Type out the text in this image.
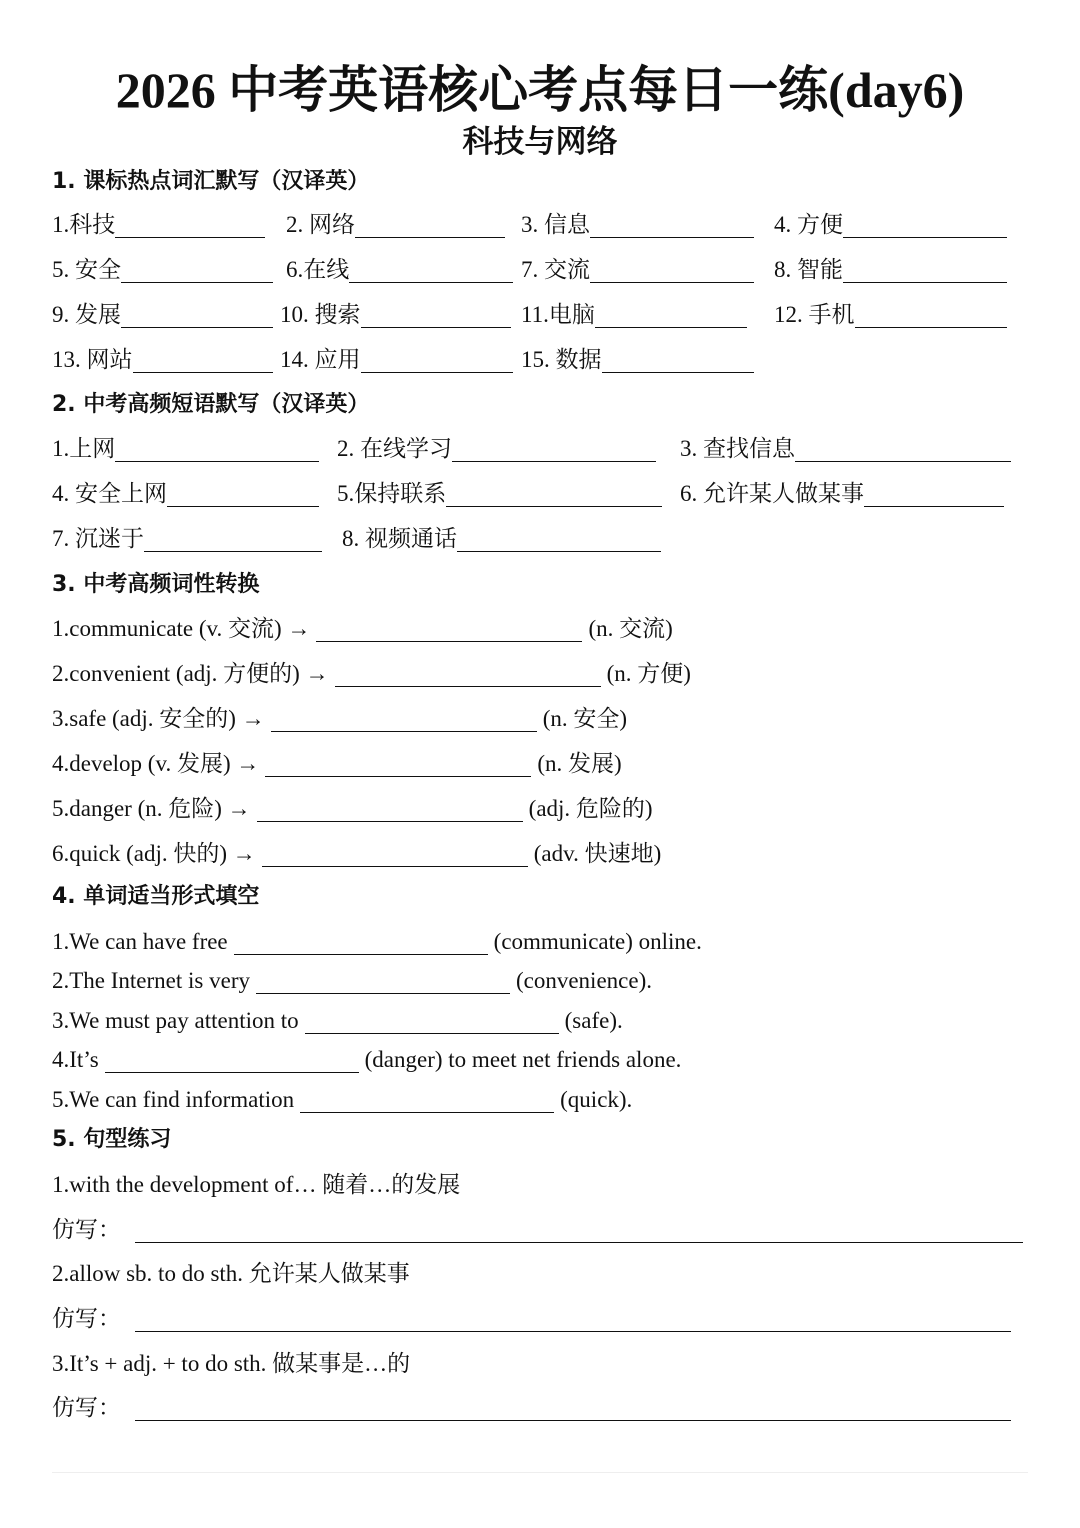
2026 中考英语核心考点每日一练(day6)
科技与网络
1. 课标热点词汇默写（汉译英）
1.科技	2. 网络	3. 信息	4. 方便
5. 安全	6.在线	7. 交流	8. 智能
9. 发展	10. 搜索	11.电脑	12. 手机
13. 网站	14. 应用	15. 数据
2. 中考高频短语默写（汉译英）
1.上网	2. 在线学习	3. 查找信息
4. 安全上网	5.保持联系	6. 允许某人做某事
7. 沉迷于	8. 视频通话
3. 中考高频词性转换
1.communicate (v. 交流) →	(n. 交流)
2.convenient (adj. 方便的) →	(n. 方便)
3.safe (adj. 安全的) →	(n. 安全)
4.develop (v. 发展) →	(n. 发展)
5.danger (n. 危险) →	(adj. 危险的)
6.quick (adj. 快的) →	(adv. 快速地)
4. 单词适当形式填空
1.We can have free	(communicate) online.
2.The Internet is very	(convenience).
3.We must pay attention to	(safe).
4.It’s	(danger) to meet net friends alone.
5.We can find information	(quick).
5. 句型练习
1.with the development of… 随着…的发展
仿写：
2.allow sb. to do sth. 允许某人做某事
仿写：
3.It’s + adj. + to do sth. 做某事是…的
仿写：
